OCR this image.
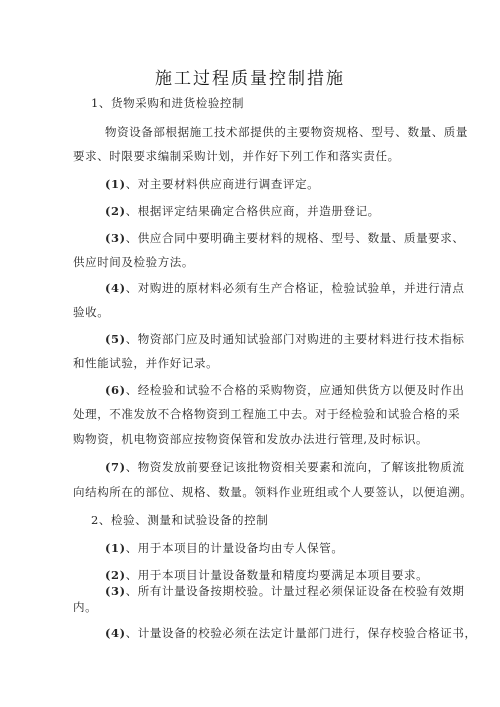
施工过程质量控制措施
1、货物采购和进货检验控制
物资设备部根据施工技术部提供的主要物资规格、型号、数量、质量
要求、时限要求编制采购计划，并作好下列工作和落实责任。
(1)、对主要材料供应商进行调查评定。
(2)、根据评定结果确定合格供应商，并造册登记。
(3)、供应合同中要明确主要材料的规格、型号、数量、质量要求、
供应时间及检验方法。
(4)、对购进的原材料必须有生产合格证，检验试验单，并进行清点
验收。
(5)、物资部门应及时通知试验部门对购进的主要材料进行技术指标
和性能试验，并作好记录。
(6)、经检验和试验不合格的采购物资，应通知供货方以便及时作出
处理，不准发放不合格物资到工程施工中去。对于经检验和试验合格的采
购物资，机电物资部应按物资保管和发放办法进行管理,及时标识。
(7)、物资发放前要登记该批物资相关要素和流向，了解该批物质流
向结构所在的部位、规格、数量。领料作业班组或个人要签认，以便追溯。
2、检验、测量和试验设备的控制
(1)、用于本项目的计量设备均由专人保管。
(2)、用于本项目计量设备数量和精度均要满足本项目要求。
(3)、所有计量设备按期校验。计量过程必须保证设备在校验有效期
内。
(4)、计量设备的校验必须在法定计量部门进行，保存校验合格证书，
